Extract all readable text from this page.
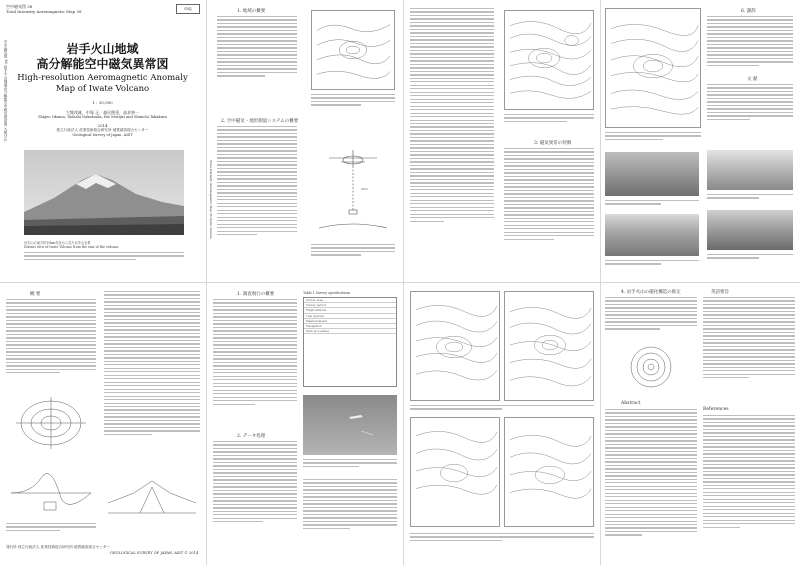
空中磁気図 38
Total Intensity Aeromagnetic Map 38
GSJ
空中磁気図 38 岩手火山地域高分解能空中磁気異常図 大熊ほか	岩手火山地域
高分解能空中磁気異常図
High-resolution Aeromagnetic Anomaly
Map of Iwate Volcano
1 : 35,000
大熊茂雄，中塚 正，森尻理恵，高倉伸一
Shigeo Okuma, Tadashi Nakatsuka, Rie Morijiri and Shinichi Takakura
2014
独立行政法人 産業技術総合研究所 地質調査総合センター
Geological Survey of Japan, AIST
岩手山の東方約10km付近から見た岩手山全景
Distant view of Iwate Volcano from the east of the volcano.
Total Intensity Aeromagnetic Map 38 Iwate Volcano
1. 地域の概要
2. 空中磁気・地形測量システムの概要
30m
3. 磁気異常の特徴
6. 謝辞
文 献
概 要
発行所 独立行政法人 産業技術総合研究所 地質調査総合センター
GEOLOGICAL SURVEY OF JAPAN, AIST © 2014
1. 調査飛行の概要
2. データ処理
Table 1 Survey specifications
Survey area
Survey period
Flight altitude
Line spacing
Magnetometer
Navigation
Data processing
4. 岩手火山の磁化構造の推定
Abstract
英語要旨
References
